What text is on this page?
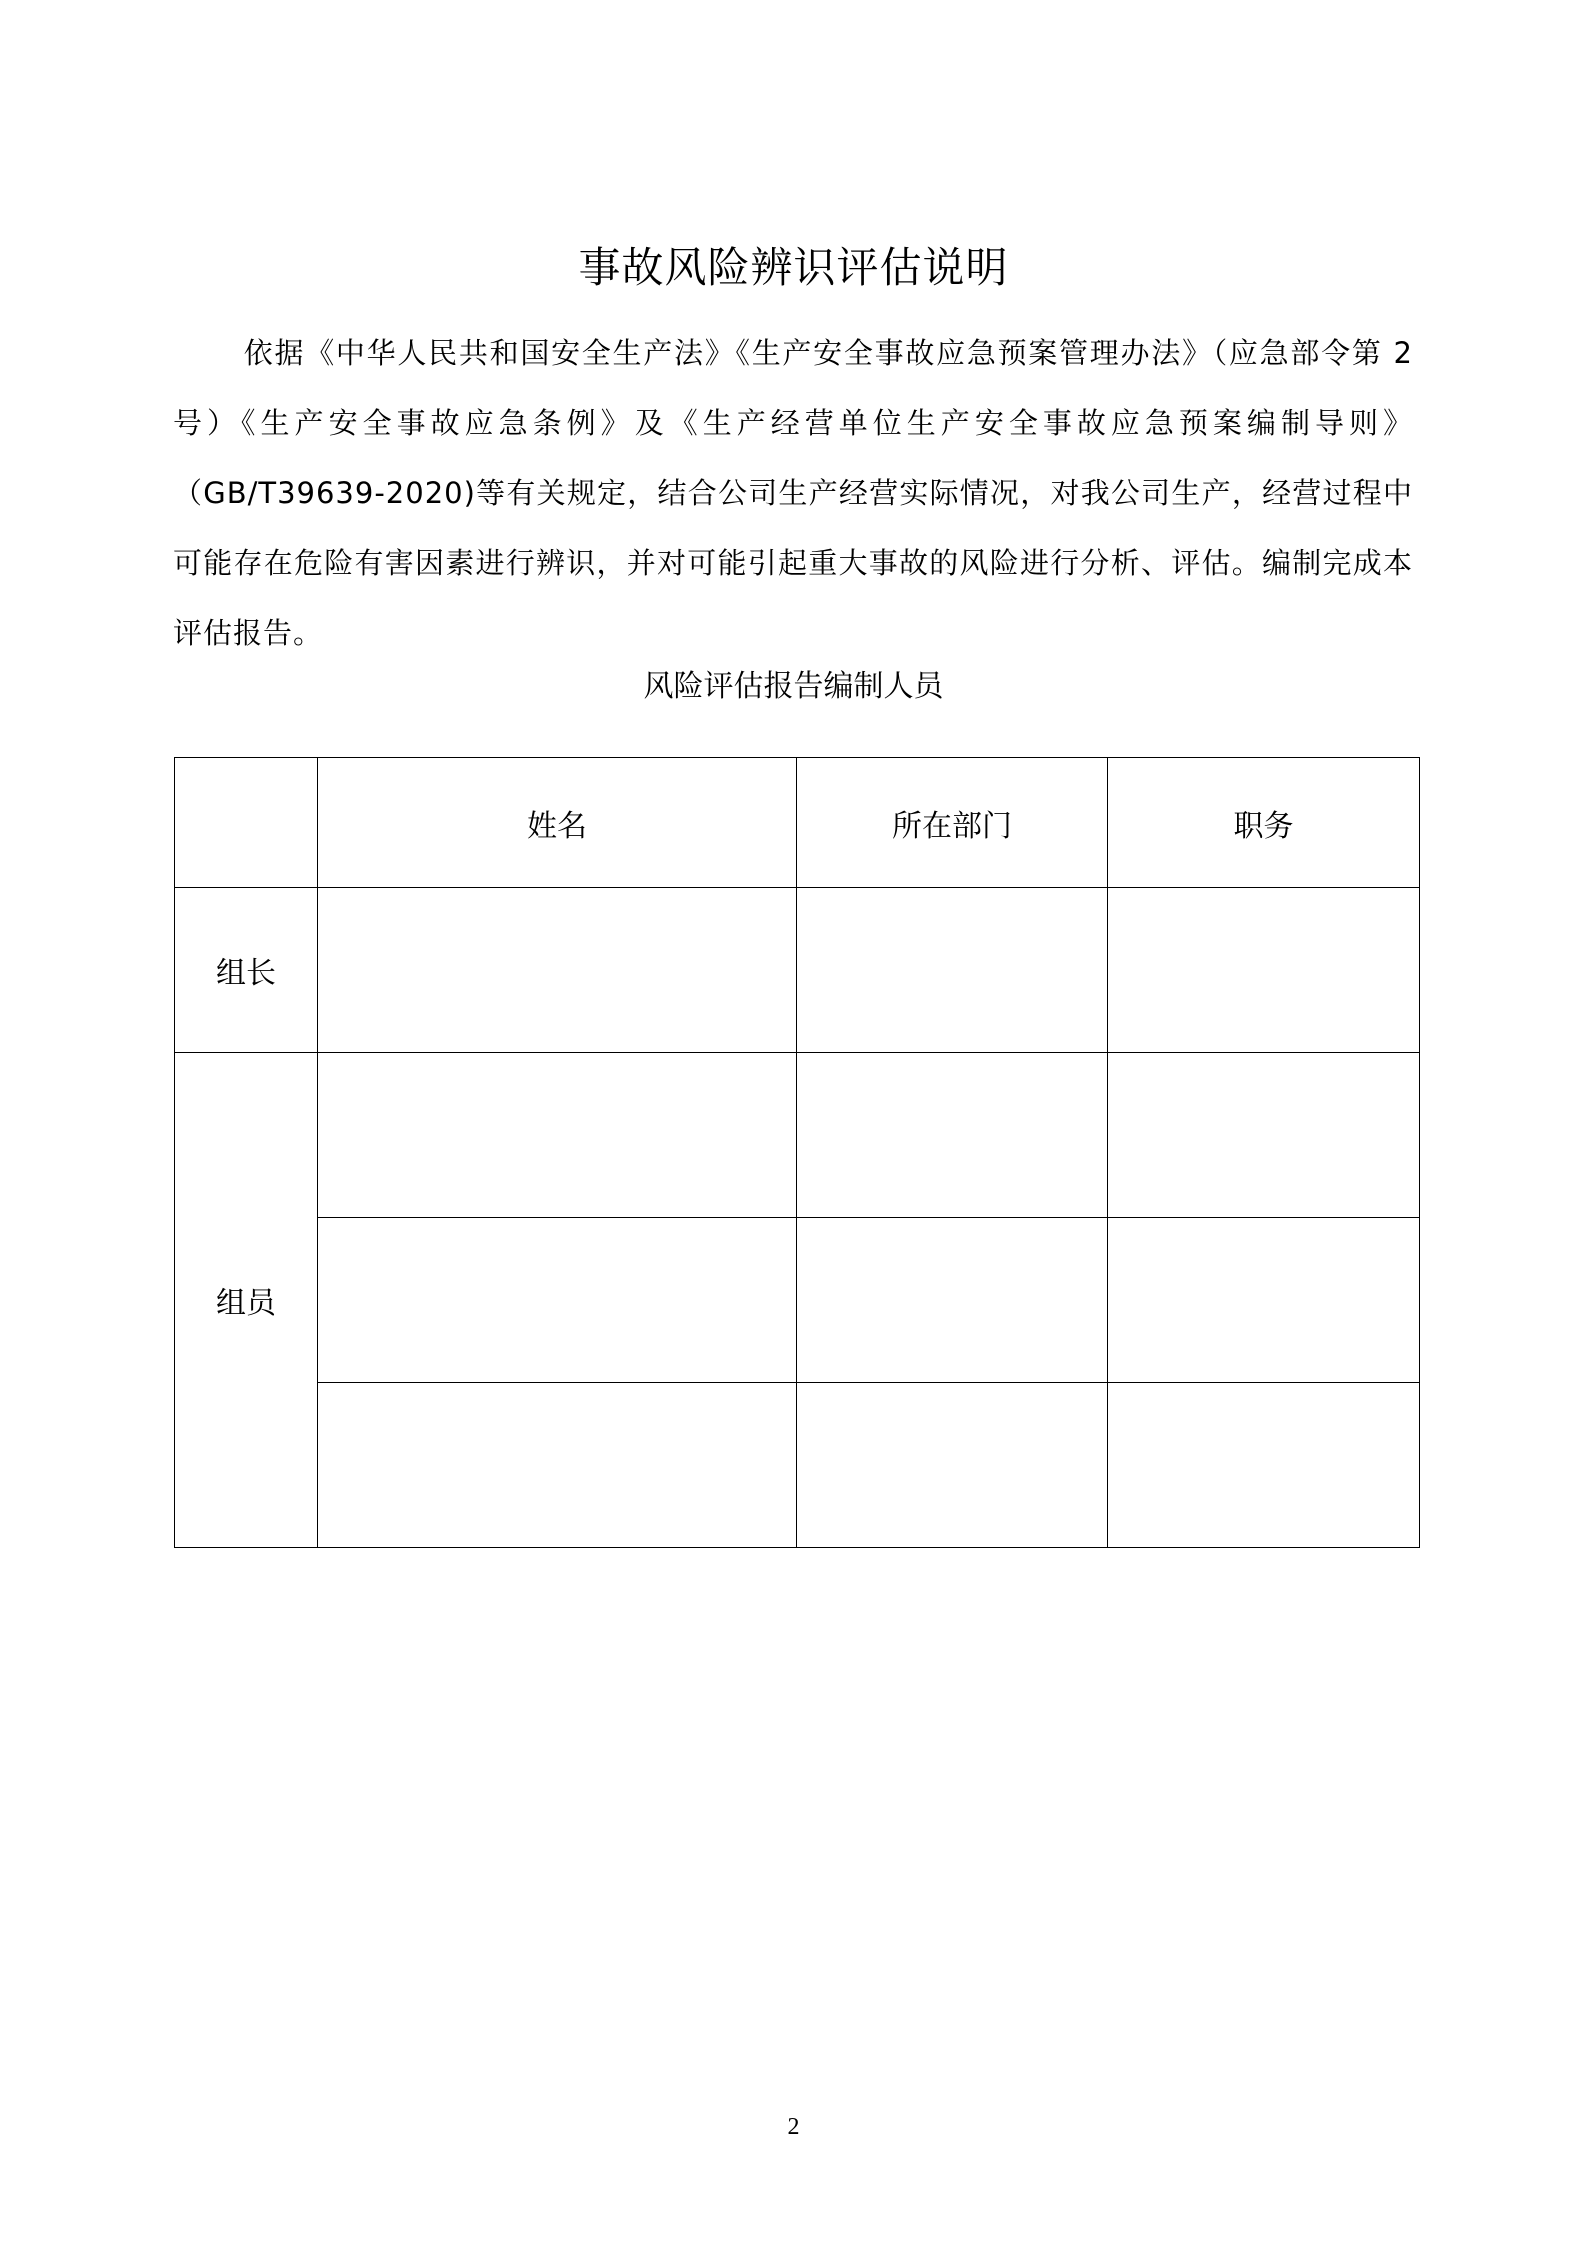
事故风险辨识评估说明

依据《中华人民共和国安全生产法》《生产安全事故应急预案管理办法》（应急部令第 2 号）《生产安全事故应急条例》及《生产经营单位生产安全事故应急预案编制导则》（GB/T39639-2020)等有关规定，结合公司生产经营实际情况，对我公司生产，经营过程中可能存在危险有害因素进行辨识，并对可能引起重大事故的风险进行分析、评估。编制完成本评估报告。

风险评估报告编制人员
	姓名	所在部门	职务
组长			
组员			

2
